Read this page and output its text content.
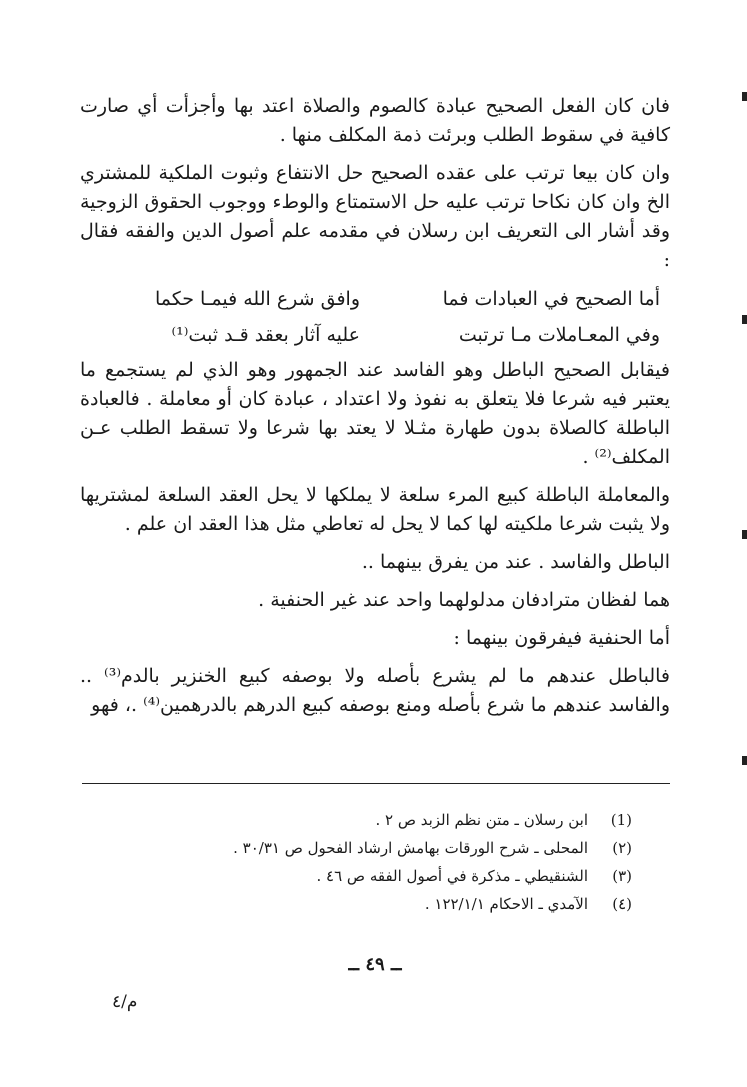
فان كان الفعل الصحيح عبادة كالصوم والصلاة اعتد بها وأجزأت أي صارت كافية في سقوط الطلب وبرئت ذمة المكلف منها .

وان كان بيعا ترتب على عقده الصحيح حل الانتفاع وثبوت الملكية للمشتري الخ وان كان نكاحا ترتب عليه حل الاستمتاع والوطء ووجوب الحقوق الزوجية وقد أشار الى التعريف ابن رسلان في مقدمه علم أصول الدين والفقه فقال :

أما الصحيح في العبادات فما
وافق شرع الله فيمـا حكما
وفي المعـاملات مـا ترتبت
عليه آثار بعقد قـد ثبت⁽¹⁾

فيقابل الصحيح الباطل وهو الفاسد عند الجمهور وهو الذي لم يستجمع ما يعتبر فيه شرعا فلا يتعلق به نفوذ ولا اعتداد ، عبادة كان أو معاملة . فالعبادة الباطلة كالصلاة بدون طهارة مثـلا لا يعتد بها شرعا ولا تسقط الطلب عـن المكلف⁽²⁾ .

والمعاملة الباطلة كبيع المرء سلعة لا يملكها لا يحل العقد السلعة لمشتريها ولا يثبت شرعا ملكيته لها كما لا يحل له تعاطي مثل هذا العقد ان علم .

الباطل والفاسد . عند من يفرق بينهما ..

هما لفظان مترادفان مدلولهما واحد عند غير الحنفية .

أما الحنفية فيفرقون بينهما :

فالباطل عندهم ما لم يشرع بأصله ولا بوصفه كبيع الخنزير بالدم⁽³⁾ .. والفاسد عندهم ما شرع بأصله ومنع بوصفه كبيع الدرهم بالدرهمين⁽⁴⁾ .، فهو

(1)
ابن رسلان ـ متن نظم الزبد ص ٢ .
(٢)
المحلى ـ شرح الورقات بهامش ارشاد الفحول ص ٣٠/٣١ .
(٣)
الشنقيطي ـ مذكرة في أصول الفقه ص ٤٦ .
(٤)
الآمدي ـ الاحكام ١٢٢/١/١ .
ــ ٤٩ ــ
م/٤
